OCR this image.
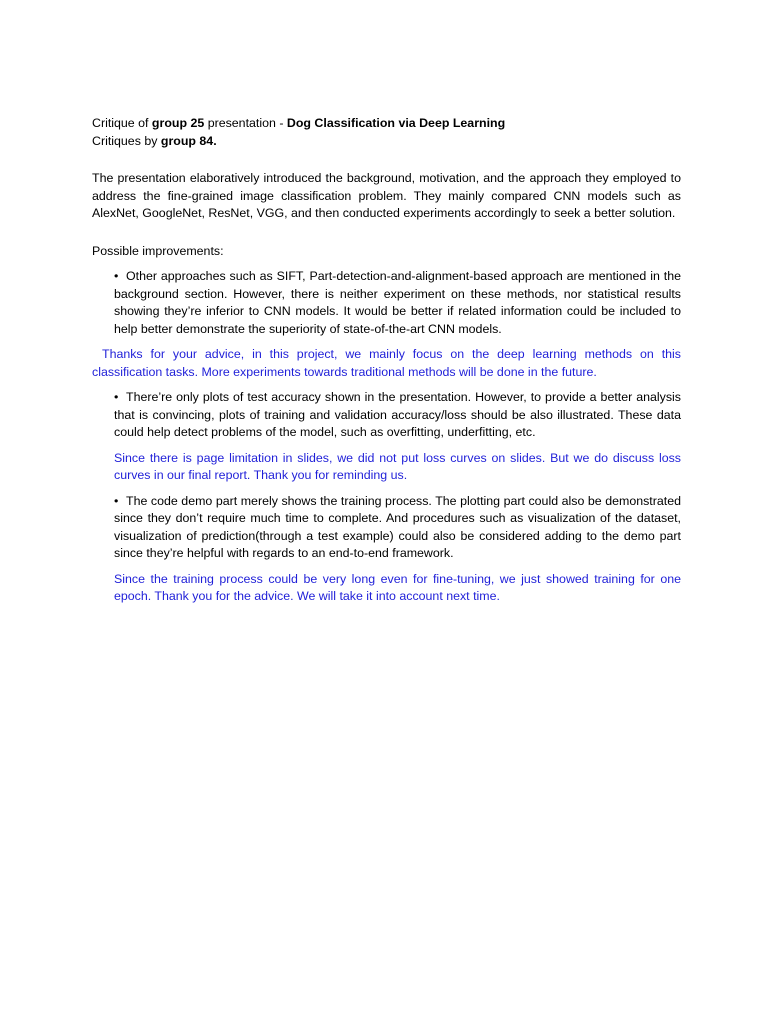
Critique of group 25 presentation - Dog Classification via Deep Learning
Critiques by group 84.
The presentation elaboratively introduced the background, motivation, and the approach they employed to address the fine-grained image classification problem. They mainly compared CNN models such as AlexNet, GoogleNet, ResNet, VGG, and then conducted experiments accordingly to seek a better solution.
Possible improvements:
• Other approaches such as SIFT, Part-detection-and-alignment-based approach are mentioned in the background section. However, there is neither experiment on these methods, nor statistical results showing they’re inferior to CNN models. It would be better if related information could be included to help better demonstrate the superiority of state-of-the-art CNN models.
Thanks for your advice, in this project, we mainly focus on the deep learning methods on this classification tasks. More experiments towards traditional methods will be done in the future.
• There’re only plots of test accuracy shown in the presentation. However, to provide a better analysis that is convincing, plots of training and validation accuracy/loss should be also illustrated. These data could help detect problems of the model, such as overfitting, underfitting, etc.
Since there is page limitation in slides, we did not put loss curves on slides. But we do discuss loss curves in our final report. Thank you for reminding us.
• The code demo part merely shows the training process. The plotting part could also be demonstrated since they don’t require much time to complete. And procedures such as visualization of the dataset, visualization of prediction(through a test example) could also be considered adding to the demo part since they’re helpful with regards to an end-to-end framework.
Since the training process could be very long even for fine-tuning, we just showed training for one epoch. Thank you for the advice. We will take it into account next time.
